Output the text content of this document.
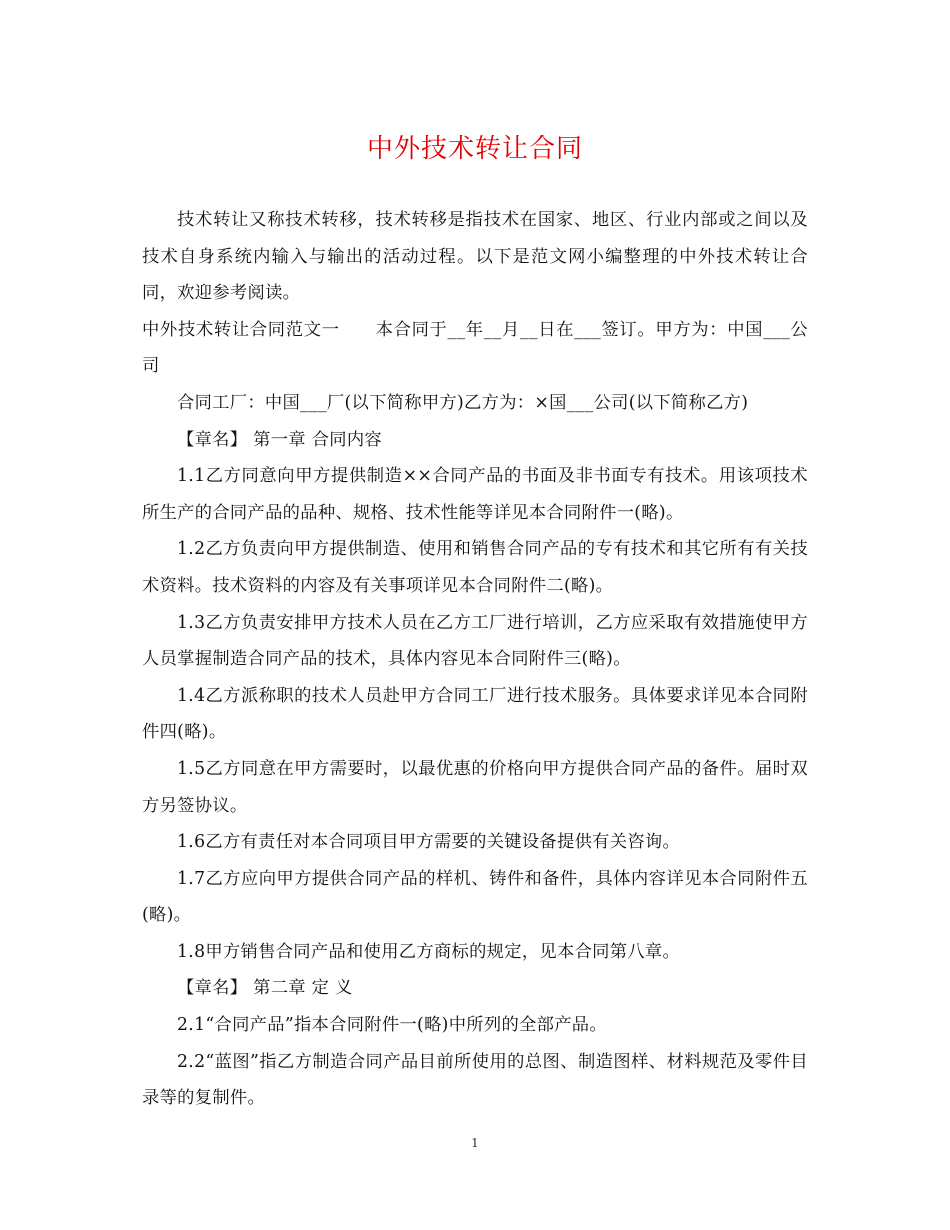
中外技术转让合同

技术转让又称技术转移，技术转移是指技术在国家、地区、行业内部或之间以及技术自身系统内输入与输出的活动过程。以下是范文网小编整理的中外技术转让合同，欢迎参考阅读。

中外技术转让合同范文一　　本合同于__年__月__日在___签订。甲方为：中国___公司

合同工厂：中国___厂(以下简称甲方)乙方为：×国___公司(以下简称乙方)

【章名】 第一章 合同内容

1.1乙方同意向甲方提供制造××合同产品的书面及非书面专有技术。用该项技术所生产的合同产品的品种、规格、技术性能等详见本合同附件一(略)。

1.2乙方负责向甲方提供制造、使用和销售合同产品的专有技术和其它所有有关技术资料。技术资料的内容及有关事项详见本合同附件二(略)。

1.3乙方负责安排甲方技术人员在乙方工厂进行培训，乙方应采取有效措施使甲方人员掌握制造合同产品的技术，具体内容见本合同附件三(略)。

1.4乙方派称职的技术人员赴甲方合同工厂进行技术服务。具体要求详见本合同附件四(略)。

1.5乙方同意在甲方需要时，以最优惠的价格向甲方提供合同产品的备件。届时双方另签协议。

1.6乙方有责任对本合同项目甲方需要的关键设备提供有关咨询。

1.7乙方应向甲方提供合同产品的样机、铸件和备件，具体内容详见本合同附件五(略)。

1.8甲方销售合同产品和使用乙方商标的规定，见本合同第八章。

【章名】 第二章 定 义

2.1“合同产品”指本合同附件一(略)中所列的全部产品。

2.2“蓝图”指乙方制造合同产品目前所使用的总图、制造图样、材料规范及零件目录等的复制件。

1
